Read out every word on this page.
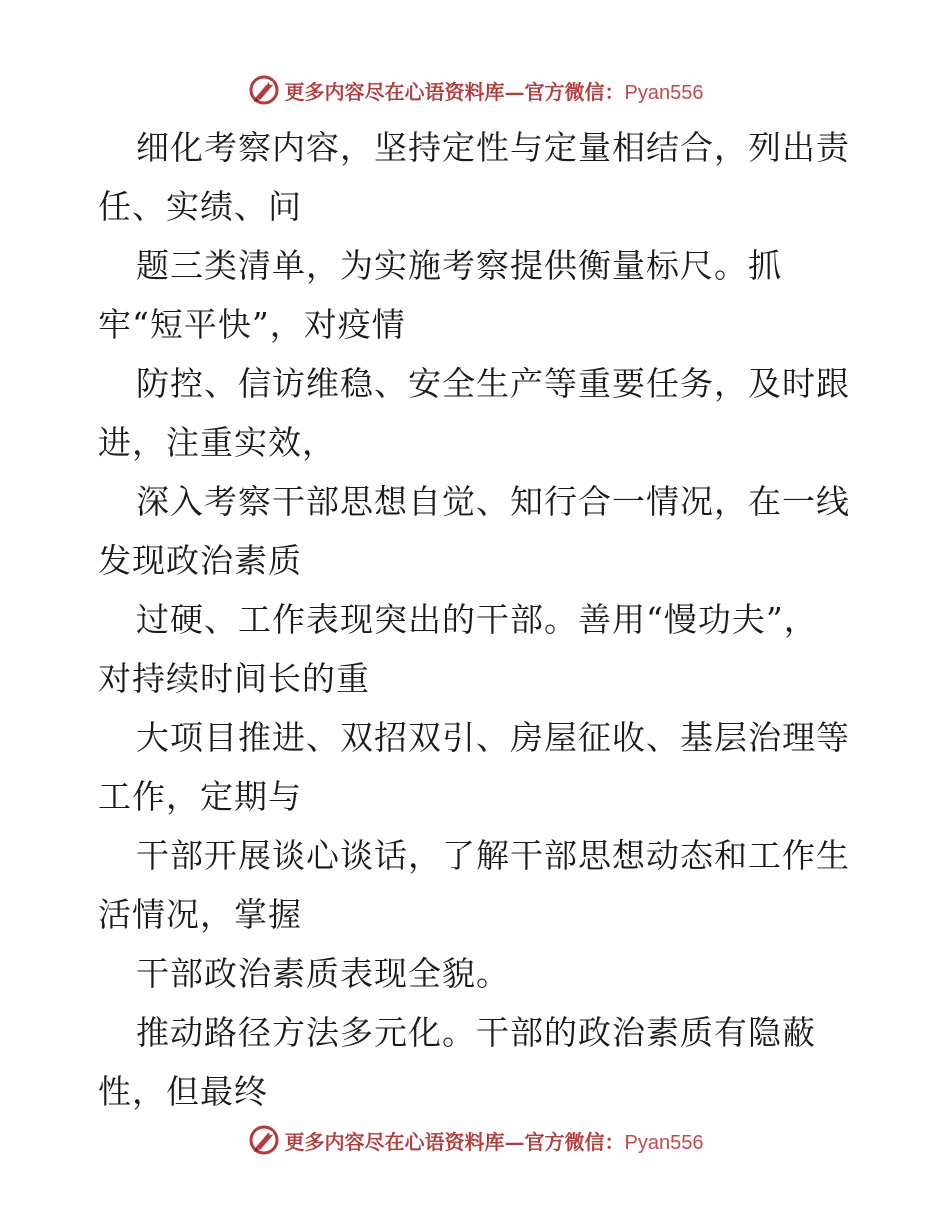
更多内容尽在心语资料库—官方微信：Pyan556
细化考察内容，坚持定性与定量相结合，列出责
任、实绩、问
题三类清单，为实施考察提供衡量标尺。抓
牢“短平快”，对疫情
防控、信访维稳、安全生产等重要任务，及时跟
进，注重实效，
深入考察干部思想自觉、知行合一情况，在一线
发现政治素质
过硬、工作表现突出的干部。善用“慢功夫”，
对持续时间长的重
大项目推进、双招双引、房屋征收、基层治理等
工作，定期与
干部开展谈心谈话，了解干部思想动态和工作生
活情况，掌握
干部政治素质表现全貌。
推动路径方法多元化。干部的政治素质有隐蔽
性，但最终
更多内容尽在心语资料库—官方微信：Pyan556
